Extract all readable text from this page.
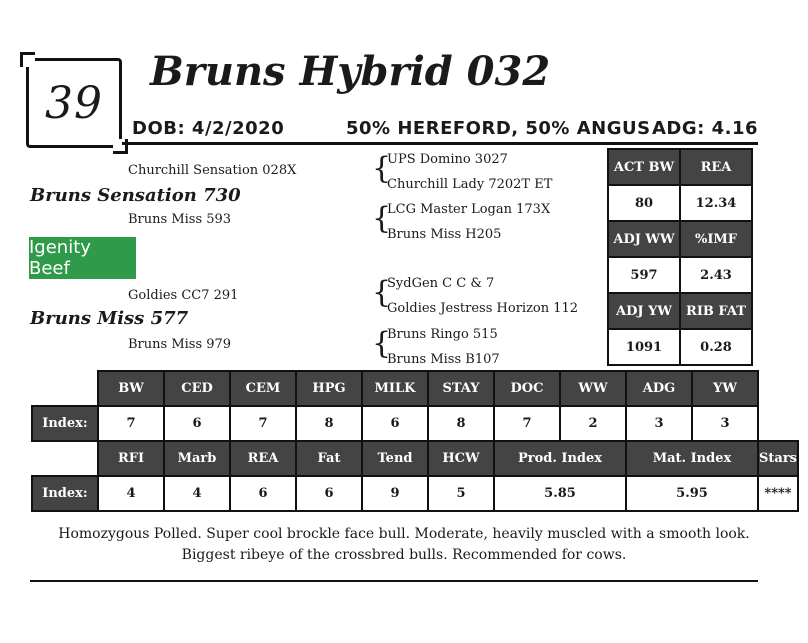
39
Bruns Hybrid 032
DOB: 4/2/2020	50% HEREFORD, 50% ANGUS ADG: 4.16
Churchill Sensation 028X
Bruns Sensation 730
Bruns Miss 593
Igenity Beef
Goldies CC7 291
Bruns Miss 577
Bruns Miss 979
{
UPS Domino 3027
Churchill Lady 7202T ET
{
LCG Master Logan 173X
Bruns Miss H205
{
SydGen C C & 7
Goldies Jestress Horizon 112
{
Bruns Ringo 515
Bruns Miss B107
ACT BW	REA
80	12.34
ADJ WW	%IMF
597	2.43
ADJ YW	RIB FAT
1091	0.28
	BW	CED	CEM	HPG	MILK	STAY	DOC	WW	ADG	YW	
Index:	7	6	7	8	6	8	7	2	3	3	
	RFI	Marb	REA	Fat	Tend	HCW	Prod. Index		Mat. Index		Stars
Index:	4	4	6	6	9	5	5.85		5.95		****
Homozygous Polled. Super cool brockle face bull. Moderate, heavily muscled with a smooth look.
Biggest ribeye of the crossbred bulls. Recommended for cows.
